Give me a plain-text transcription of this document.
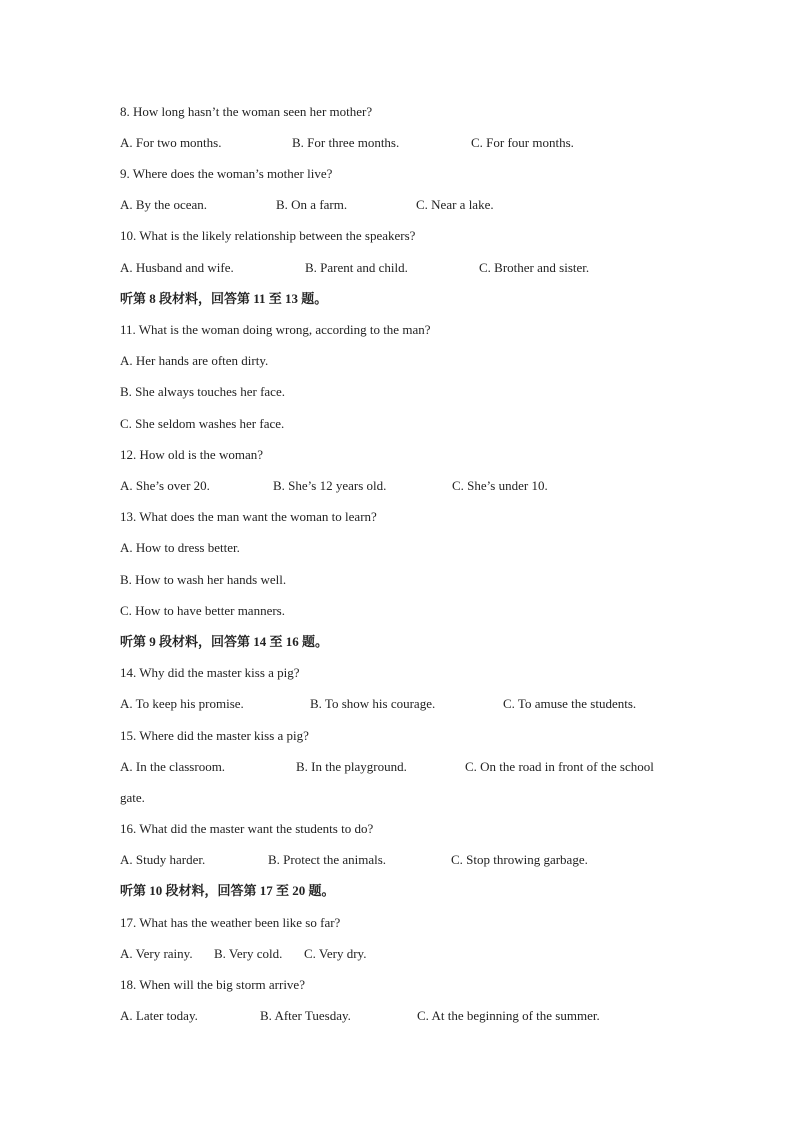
8. How long hasn’t the woman seen her mother?
A. For two months.	B. For three months.	C. For four months.
9. Where does the woman’s mother live?
A. By the ocean.	B. On a farm.	C. Near a lake.
10. What is the likely relationship between the speakers?
A. Husband and wife.	B. Parent and child.	C. Brother and sister.
听第 8 段材料，回答第 11 至 13 题。
11. What is the woman doing wrong, according to the man?
A. Her hands are often dirty.
B. She always touches her face.
C. She seldom washes her face.
12. How old is the woman?
A. She’s over 20.	B. She’s 12 years old.	C. She’s under 10.
13. What does the man want the woman to learn?
A. How to dress better.
B. How to wash her hands well.
C. How to have better manners.
听第 9 段材料，回答第 14 至 16 题。
14. Why did the master kiss a pig?
A. To keep his promise.	B. To show his courage.	C. To amuse the students.
15. Where did the master kiss a pig?
A. In the classroom.	B. In the playground.	C. On the road in front of the school
gate.
16. What did the master want the students to do?
A. Study harder.	B. Protect the animals.	C. Stop throwing garbage.
听第 10 段材料，回答第 17 至 20 题。
17. What has the weather been like so far?
A. Very rainy. B. Very cold. C. Very dry.
18. When will the big storm arrive?
A. Later today.	B. After Tuesday.	C. At the beginning of the summer.
